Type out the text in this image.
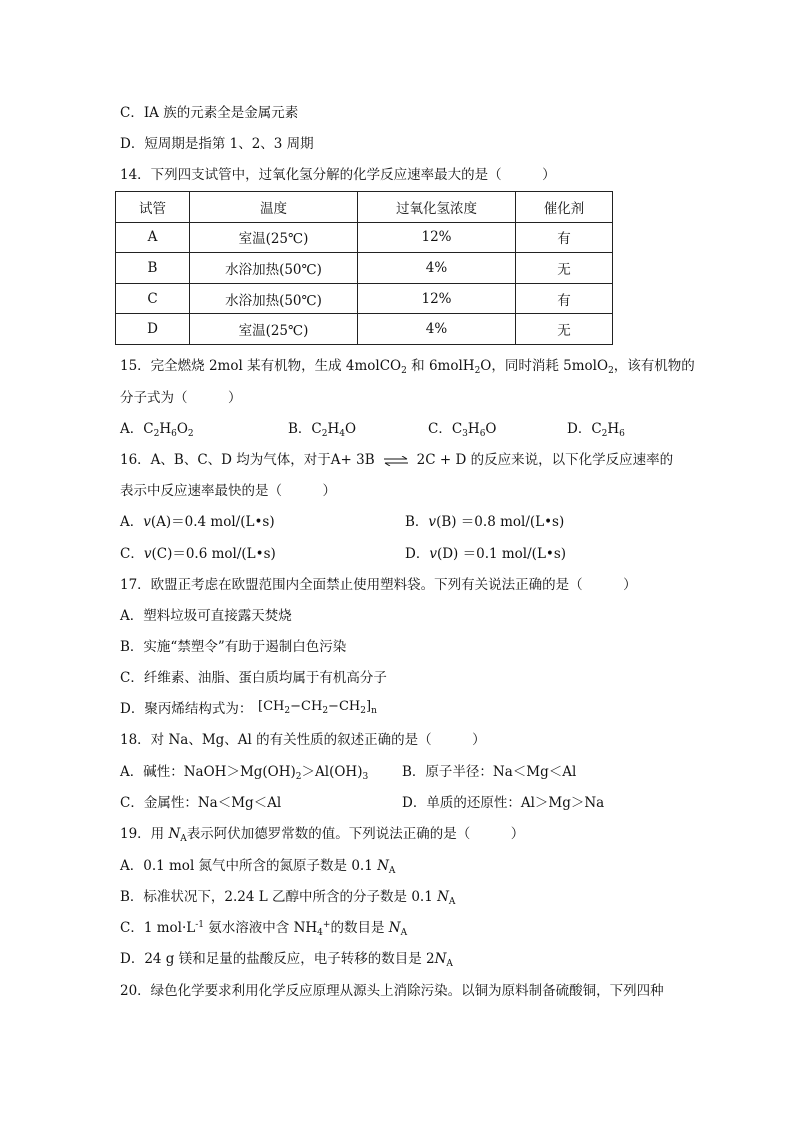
C．ⅠA 族的元素全是金属元素
D．短周期是指第 1、2、3 周期
14．下列四支试管中，过氧化氢分解的化学反应速率最大的是（　　　）
试管	温度	过氧化氢浓度	催化剂
A	室温(25℃)	12%	有
B	水浴加热(50℃)	4%	无
C	水浴加热(50℃)	12%	有
D	室温(25℃)	4%	无
15．完全燃烧 2mol 某有机物，生成 4molCO$_2$ 和 6molH$_2$O，同时消耗 5molO$_2$，该有机物的
分子式为（　　　）
A．$C_2H_6O_2$	B．$C_2H_4O$	C．$C_3H_6O$	D．$C_2H_6$
16．A、B、C、D 均为气体，对于A+ 3B ⇌ 2C + D 的反应来说，以下化学反应速率的
表示中反应速率最快的是（　　　）
A．v(A)＝0.4 mol/(L•s)	B．v(B) ＝0.8 mol/(L•s)
C．v(C)＝0.6 mol/(L•s)	D．v(D) ＝0.1 mol/(L•s)
17．欧盟正考虑在欧盟范围内全面禁止使用塑料袋。下列有关说法正确的是（　　　）
A．塑料垃圾可直接露天焚烧
B．实施“禁塑令”有助于遏制白色污染
C．纤维素、油脂、蛋白质均属于有机高分子
D．聚丙烯结构式为： $[CH_2-CH_2-CH_2]_n$
18．对 Na、Mg、Al 的有关性质的叙述正确的是（　　　）
A．碱性：$NaOH>Mg(OH)_2>Al(OH)_3$	B．原子半径：Na＜Mg＜Al
C．金属性：Na＜Mg＜Al	D．单质的还原性：Al＞Mg＞Na
19．用 $N_A$表示阿伏加德罗常数的值。下列说法正确的是（　　　）
A．0.1 mol 氮气中所含的氮原子数是 0.1 $N_A$
B．标准状况下，2.24 L 乙醇中所含的分子数是 0.1 $N_A$
C．1 $mol\cdot L^{-1}$ 氨水溶液中含 $NH_4^+$的数目是 $N_A$
D．24 g 镁和足量的盐酸反应，电子转移的数目是 $2N_A$
20．绿色化学要求利用化学反应原理从源头上消除污染。以铜为原料制备硫酸铜，下列四种
